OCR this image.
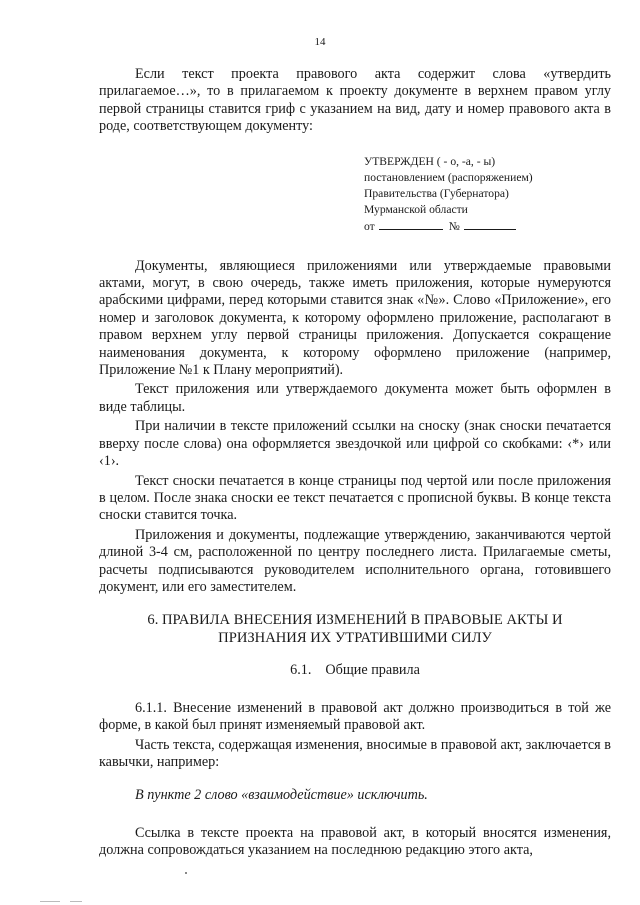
14

Если текст проекта правового акта содержит слова «утвердить прилагаемое…», то в прилагаемом к проекту документе в верхнем правом углу первой страницы ставится гриф с указанием на вид, дату и номер правового акта в роде, соответствующем документу:

УТВЕРЖДЕН ( - о, -а, - ы)
постановлением (распоряжением)
Правительства (Губернатора)
Мурманской области
от	№

Документы, являющиеся приложениями или утверждаемые правовыми актами, могут, в свою очередь, также иметь приложения, которые нумеруются арабскими цифрами, перед которыми ставится знак «№». Слово «Приложение», его номер и заголовок документа, к которому оформлено приложение, располагают в правом верхнем углу первой страницы приложения. Допускается сокращение наименования документа, к которому оформлено приложение (например, Приложение №1 к Плану мероприятий).

Текст приложения или утверждаемого документа может быть оформлен в виде таблицы.

При наличии в тексте приложений ссылки на сноску (знак сноски печатается вверху после слова) она оформляется звездочкой или цифрой со скобками: ‹*› или ‹1›.

Текст сноски печатается в конце страницы под чертой или после приложения в целом. После знака сноски ее текст печатается с прописной буквы. В конце текста сноски ставится точка.

Приложения и документы, подлежащие утверждению, заканчиваются чертой длиной 3-4 см, расположенной по центру последнего листа. Прилагаемые сметы, расчеты подписываются руководителем исполнительного органа, готовившего документ, или его заместителем.

6. ПРАВИЛА ВНЕСЕНИЯ ИЗМЕНЕНИЙ В ПРАВОВЫЕ АКТЫ И
ПРИЗНАНИЯ ИХ УТРАТИВШИМИ СИЛУ
6.1. Общие правила

6.1.1. Внесение изменений в правовой акт должно производиться в той же форме, в какой был принят изменяемый правовой акт.

Часть текста, содержащая изменения, вносимые в правовой акт, заключается в кавычки, например:

В пункте 2 слово «взаимодействие» исключить.

Ссылка в тексте проекта на правовой акт, в который вносятся изменения, должна сопровождаться указанием на последнюю редакцию этого акта,
